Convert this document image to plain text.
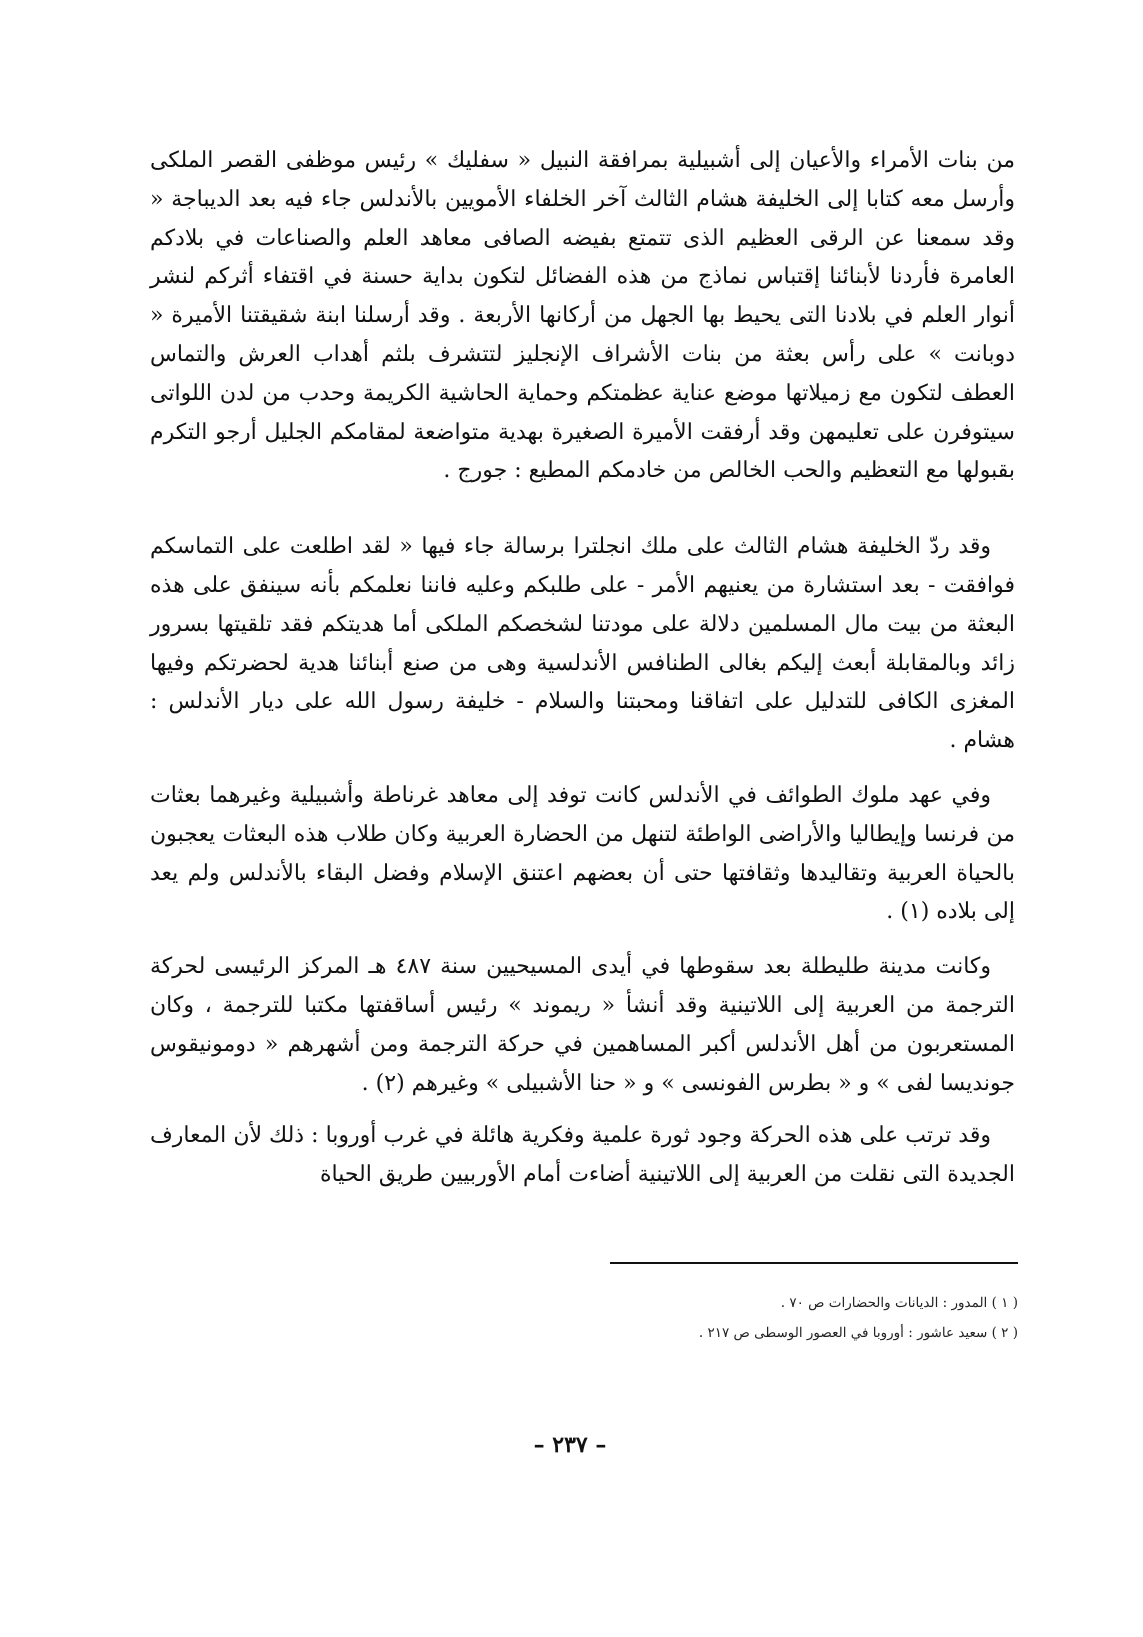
من بنات الأمراء والأعيان إلى أشبيلية بمرافقة النبيل « سفليك » رئيس موظفى القصر الملكى وأرسل معه كتابا إلى الخليفة هشام الثالث آخر الخلفاء الأمويين بالأندلس جاء فيه بعد الديباجة « وقد سمعنا عن الرقى العظيم الذى تتمتع بفيضه الصافى معاهد العلم والصناعات في بلادكم العامرة فأردنا لأبنائنا إقتباس نماذج من هذه الفضائل لتكون بداية حسنة في اقتفاء أثركم لنشر أنوار العلم في بلادنا التى يحيط بها الجهل من أركانها الأربعة . وقد أرسلنا ابنة شقيقتنا الأميرة « دوبانت » على رأس بعثة من بنات الأشراف الإنجليز لتتشرف بلثم أهداب العرش والتماس العطف لتكون مع زميلاتها موضع عناية عظمتكم وحماية الحاشية الكريمة وحدب من لدن اللواتى سيتوفرن على تعليمهن وقد أرفقت الأميرة الصغيرة بهدية متواضعة لمقامكم الجليل أرجو التكرم بقبولها مع التعظيم والحب الخالص من خادمكم المطيع : جورج .

وقد ردّ الخليفة هشام الثالث على ملك انجلترا برسالة جاء فيها « لقد اطلعت على التماسكم فوافقت - بعد استشارة من يعنيهم الأمر - على طلبكم وعليه فاننا نعلمكم بأنه سينفق على هذه البعثة من بيت مال المسلمين دلالة على مودتنا لشخصكم الملكى أما هديتكم فقد تلقيتها بسرور زائد وبالمقابلة أبعث إليكم بغالى الطنافس الأندلسية وهى من صنع أبنائنا هدية لحضرتكم وفيها المغزى الكافى للتدليل على اتفاقنا ومحبتنا والسلام - خليفة رسول الله على ديار الأندلس : هشام .

وفي عهد ملوك الطوائف في الأندلس كانت توفد إلى معاهد غرناطة وأشبيلية وغيرهما بعثات من فرنسا وإيطاليا والأراضى الواطئة لتنهل من الحضارة العربية وكان طلاب هذه البعثات يعجبون بالحياة العربية وتقاليدها وثقافتها حتى أن بعضهم اعتنق الإسلام وفضل البقاء بالأندلس ولم يعد إلى بلاده (١) .

وكانت مدينة طليطلة بعد سقوطها في أيدى المسيحيين سنة ٤٨٧ هـ المركز الرئيسى لحركة الترجمة من العربية إلى اللاتينية وقد أنشأ « ريموند » رئيس أساقفتها مكتبا للترجمة ، وكان المستعربون من أهل الأندلس أكبر المساهمين في حركة الترجمة ومن أشهرهم « دومونيقوس جونديسا لفى » و « بطرس الفونسى » و « حنا الأشبيلى » وغيرهم (٢) .

وقد ترتب على هذه الحركة وجود ثورة علمية وفكرية هائلة في غرب أوروبا : ذلك لأن المعارف الجديدة التى نقلت من العربية إلى اللاتينية أضاءت أمام الأوربيين طريق الحياة

( ١ ) المدور : الديانات والحضارات ص ٧٠ .

( ٢ ) سعيد عاشور : أوروبا في العصور الوسطى ص ٢١٧ .

– ٢٣٧ –
